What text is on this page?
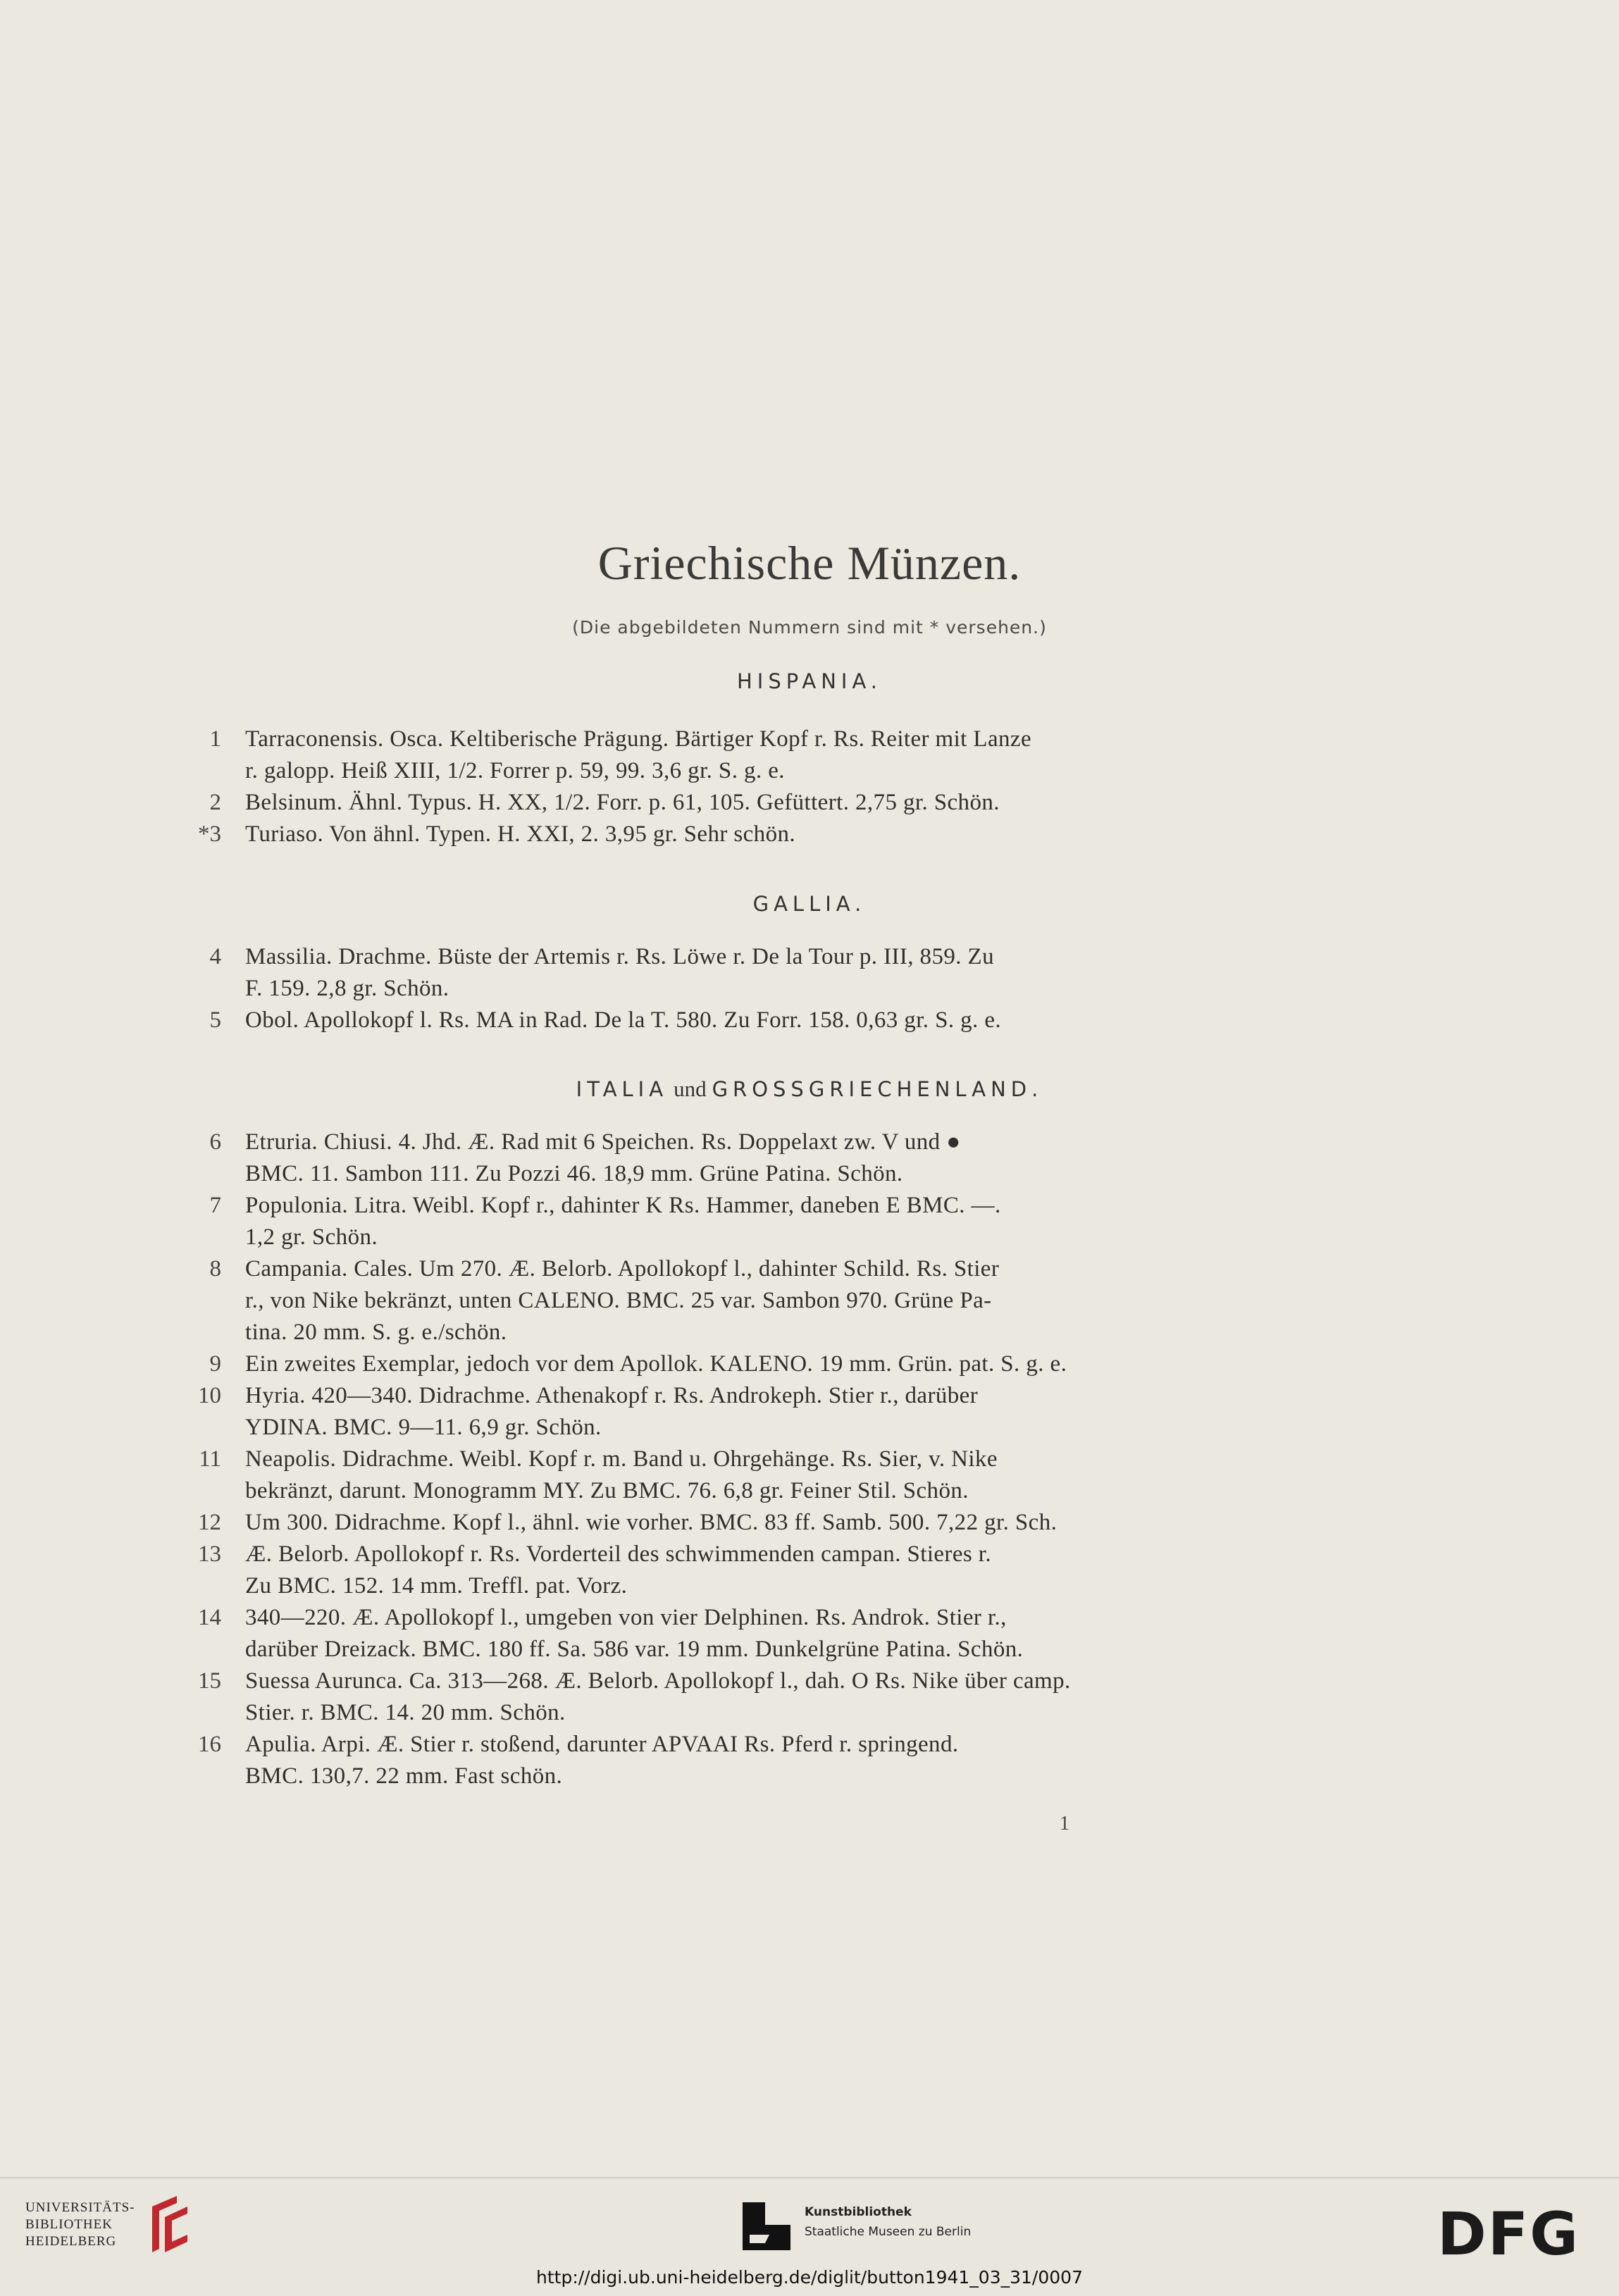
Griechische Münzen.
(Die abgebildeten Nummern sind mit * versehen.)
HISPANIA.
1 Tarraconensis. Osca. Keltiberische Prägung. Bärtiger Kopf r. Rs. Reiter mit Lanze
r. galopp. Heiß XIII, 1/2. Forrer p. 59, 99. 3,6 gr. S. g. e.
2 Belsinum. Ähnl. Typus. H. XX, 1/2. Forr. p. 61, 105. Gefüttert. 2,75 gr. Schön.
*3 Turiaso. Von ähnl. Typen. H. XXI, 2. 3,95 gr. Sehr schön.
GALLIA.
4 Massilia. Drachme. Büste der Artemis r. Rs. Löwe r. De la Tour p. III, 859. Zu
F. 159. 2,8 gr. Schön.
5 Obol. Apollokopf l. Rs. MA in Rad. De la T. 580. Zu Forr. 158. 0,63 gr. S. g. e.
ITALIA und GROSSGRIECHENLAND.
6 Etruria. Chiusi. 4. Jhd. Æ. Rad mit 6 Speichen. Rs. Doppelaxt zw. V und ●
BMC. 11. Sambon 111. Zu Pozzi 46. 18,9 mm. Grüne Patina. Schön.
7 Populonia. Litra. Weibl. Kopf r., dahinter K Rs. Hammer, daneben E BMC. —.
1,2 gr. Schön.
8 Campania. Cales. Um 270. Æ. Belorb. Apollokopf l., dahinter Schild. Rs. Stier
r., von Nike bekränzt, unten CALENO. BMC. 25 var. Sambon 970. Grüne Pa-
tina. 20 mm. S. g. e./schön.
9 Ein zweites Exemplar, jedoch vor dem Apollok. KALENO. 19 mm. Grün. pat. S. g. e.
10 Hyria. 420—340. Didrachme. Athenakopf r. Rs. Androkeph. Stier r., darüber
YDINA. BMC. 9—11. 6,9 gr. Schön.
11 Neapolis. Didrachme. Weibl. Kopf r. m. Band u. Ohrgehänge. Rs. Sier, v. Nike
bekränzt, darunt. Monogramm MY. Zu BMC. 76. 6,8 gr. Feiner Stil. Schön.
12 Um 300. Didrachme. Kopf l., ähnl. wie vorher. BMC. 83 ff. Samb. 500. 7,22 gr. Sch.
13 Æ. Belorb. Apollokopf r. Rs. Vorderteil des schwimmenden campan. Stieres r.
Zu BMC. 152. 14 mm. Treffl. pat. Vorz.
14 340—220. Æ. Apollokopf l., umgeben von vier Delphinen. Rs. Androk. Stier r.,
darüber Dreizack. BMC. 180 ff. Sa. 586 var. 19 mm. Dunkelgrüne Patina. Schön.
15 Suessa Aurunca. Ca. 313—268. Æ. Belorb. Apollokopf l., dah. O Rs. Nike über camp.
Stier. r. BMC. 14. 20 mm. Schön.
16 Apulia. Arpi. Æ. Stier r. stoßend, darunter APVAAI Rs. Pferd r. springend.
BMC. 130,7. 22 mm. Fast schön.
1
UNIVERSITÄTS-
BIBLIOTHEK
HEIDELBERG
Kunstbibliothek
Staatliche Museen zu Berlin	DFG
http://digi.ub.uni-heidelberg.de/diglit/button1941_03_31/0007
